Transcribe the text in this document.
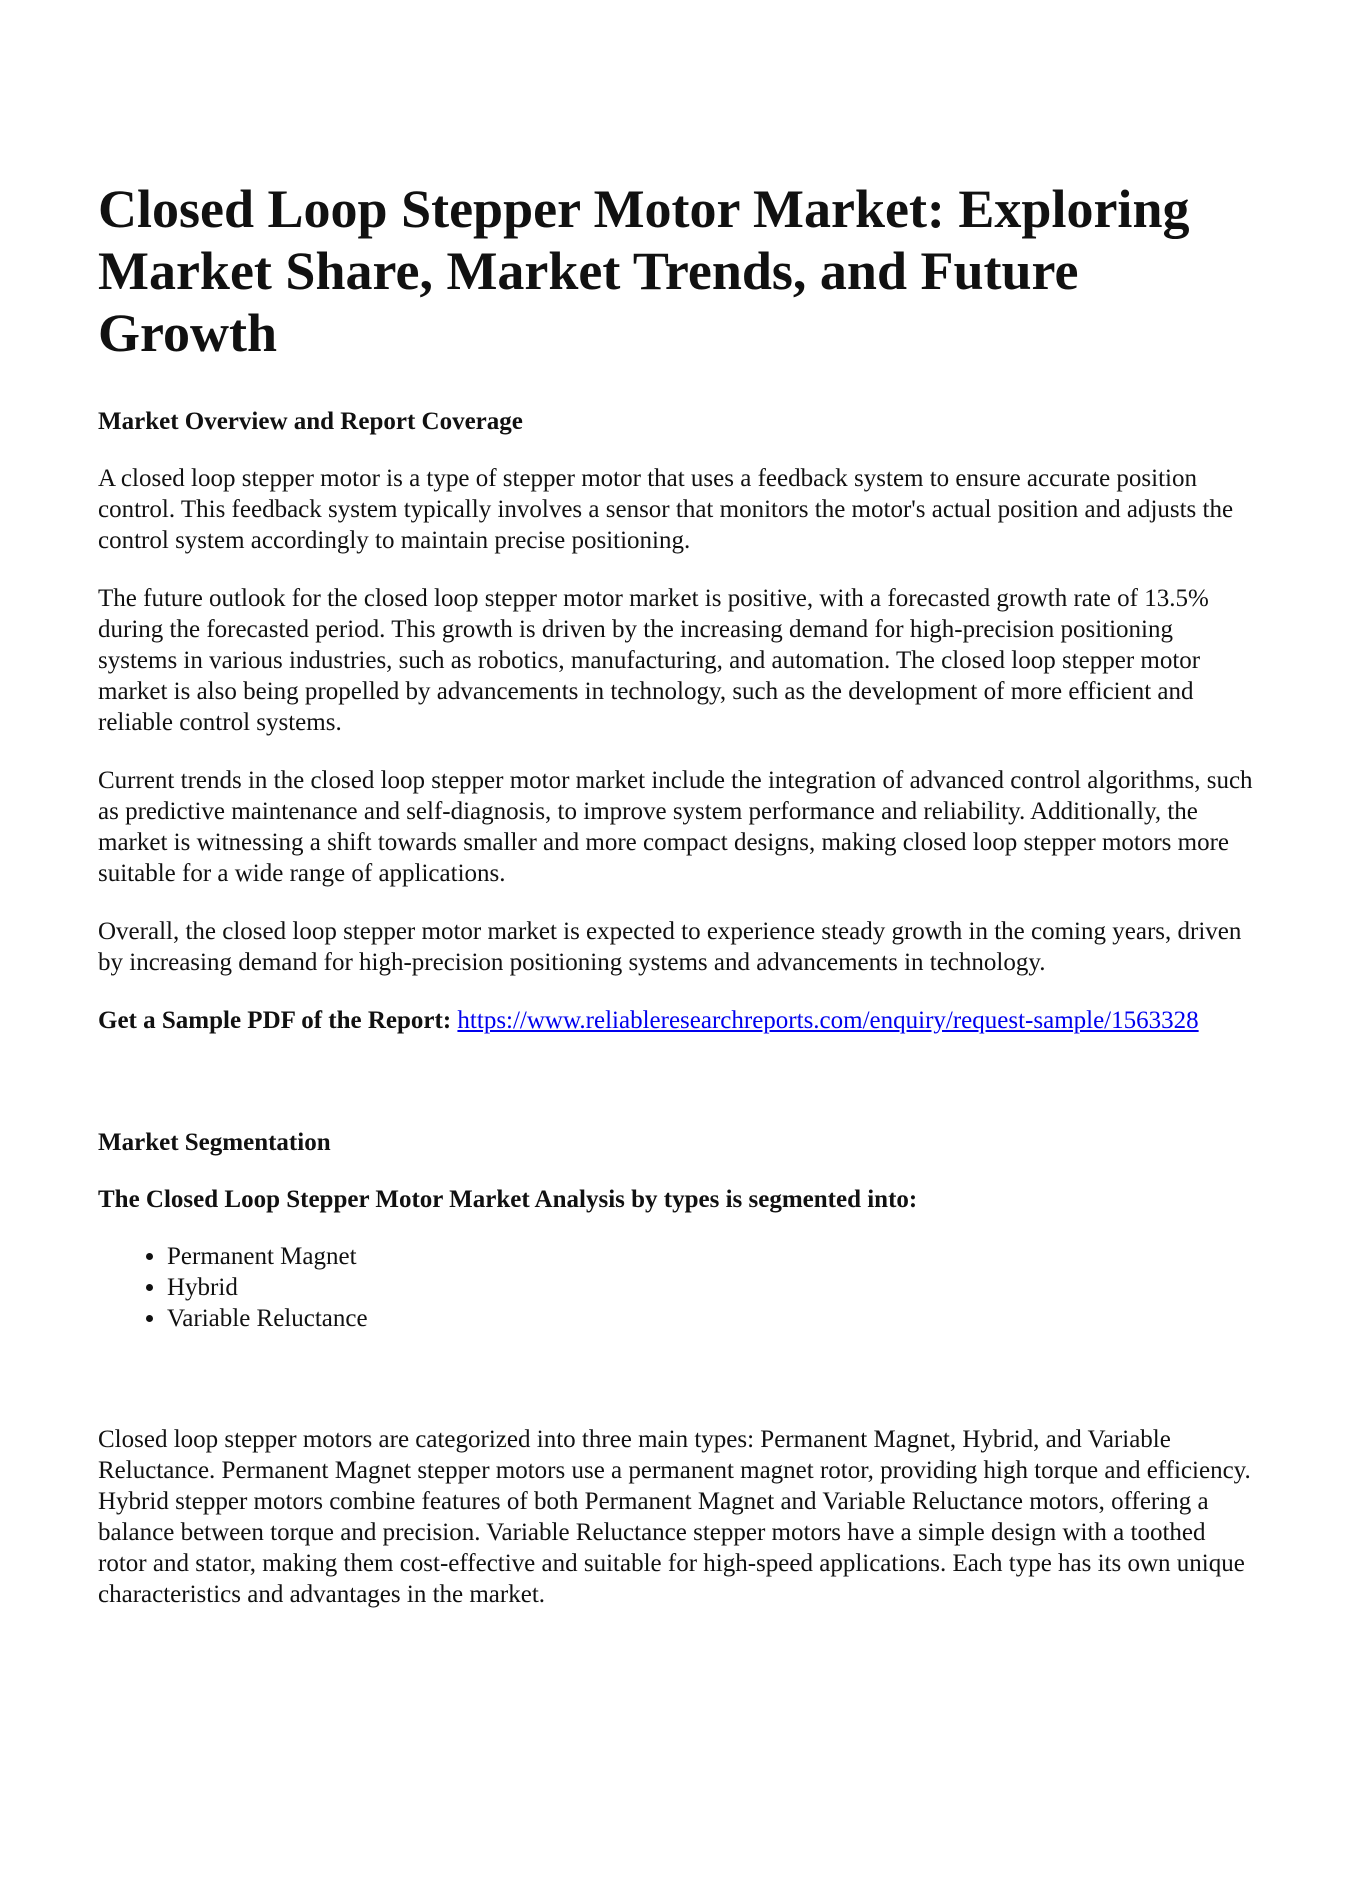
Closed Loop Stepper Motor Market: Exploring Market Share, Market Trends, and Future Growth
Market Overview and Report Coverage

A closed loop stepper motor is a type of stepper motor that uses a feedback system to ensure accurate position control. This feedback system typically involves a sensor that monitors the motor's actual position and adjusts the control system accordingly to maintain precise positioning.

The future outlook for the closed loop stepper motor market is positive, with a forecasted growth rate of 13.5% during the forecasted period. This growth is driven by the increasing demand for high-precision positioning systems in various industries, such as robotics, manufacturing, and automation. The closed loop stepper motor market is also being propelled by advancements in technology, such as the development of more efficient and reliable control systems.

Current trends in the closed loop stepper motor market include the integration of advanced control algorithms, such as predictive maintenance and self-diagnosis, to improve system performance and reliability. Additionally, the market is witnessing a shift towards smaller and more compact designs, making closed loop stepper motors more suitable for a wide range of applications.

Overall, the closed loop stepper motor market is expected to experience steady growth in the coming years, driven by increasing demand for high-precision positioning systems and advancements in technology.

Get a Sample PDF of the Report: https://www.reliableresearchreports.com/enquiry/request-sample/1563328

Market Segmentation
The Closed Loop Stepper Motor Market Analysis by types is segmented into:
• Permanent Magnet
• Hybrid
• Variable Reluctance

Closed loop stepper motors are categorized into three main types: Permanent Magnet, Hybrid, and Variable Reluctance. Permanent Magnet stepper motors use a permanent magnet rotor, providing high torque and efficiency. Hybrid stepper motors combine features of both Permanent Magnet and Variable Reluctance motors, offering a balance between torque and precision. Variable Reluctance stepper motors have a simple design with a toothed rotor and stator, making them cost-effective and suitable for high-speed applications. Each type has its own unique characteristics and advantages in the market.
